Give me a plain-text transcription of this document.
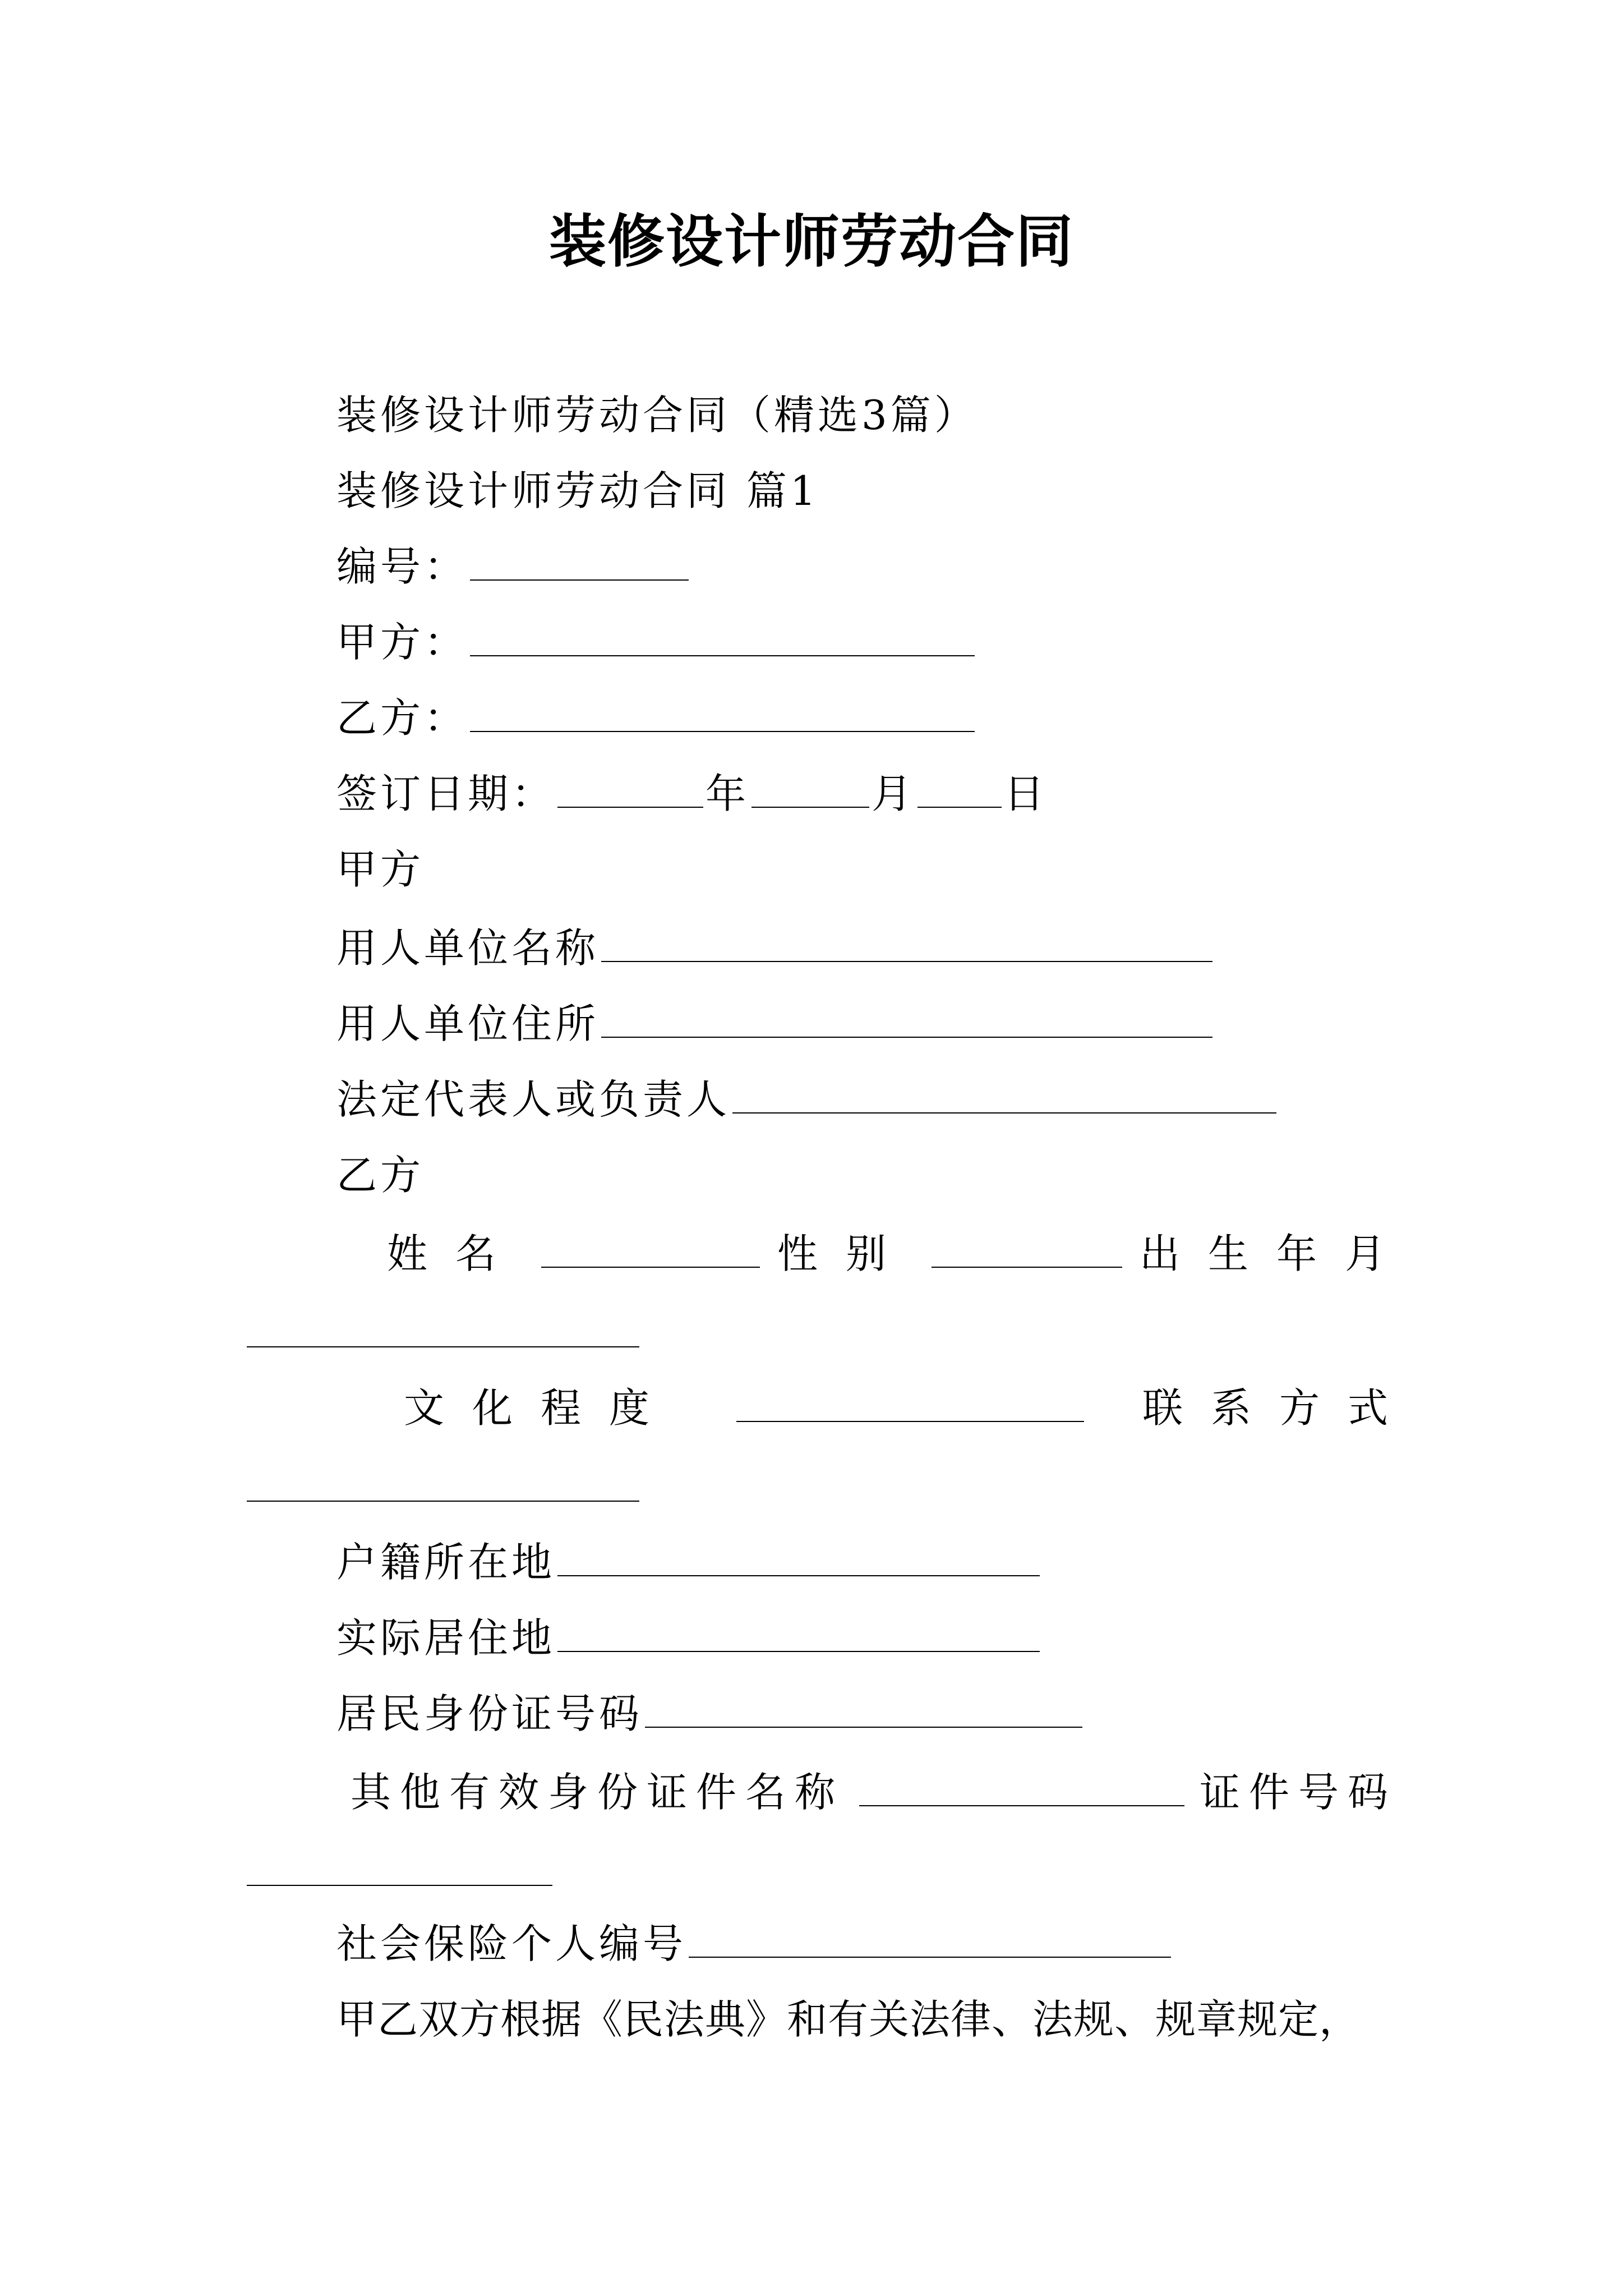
装修设计师劳动合同
装修设计师劳动合同（精选3篇）
装修设计师劳动合同 篇1
编号：
甲方：
乙方：
签订日期：	年	月 日
甲方
用人单位名称
用人单位住所
法定代表人或负责人
乙方
姓名	性别	出生年月
文化程度	联系方式
户籍所在地
实际居住地
居民身份证号码
其他有效身份证件名称	证件号码
社会保险个人编号
甲乙双方根据《民法典》和有关法律、法规、规章规定，
